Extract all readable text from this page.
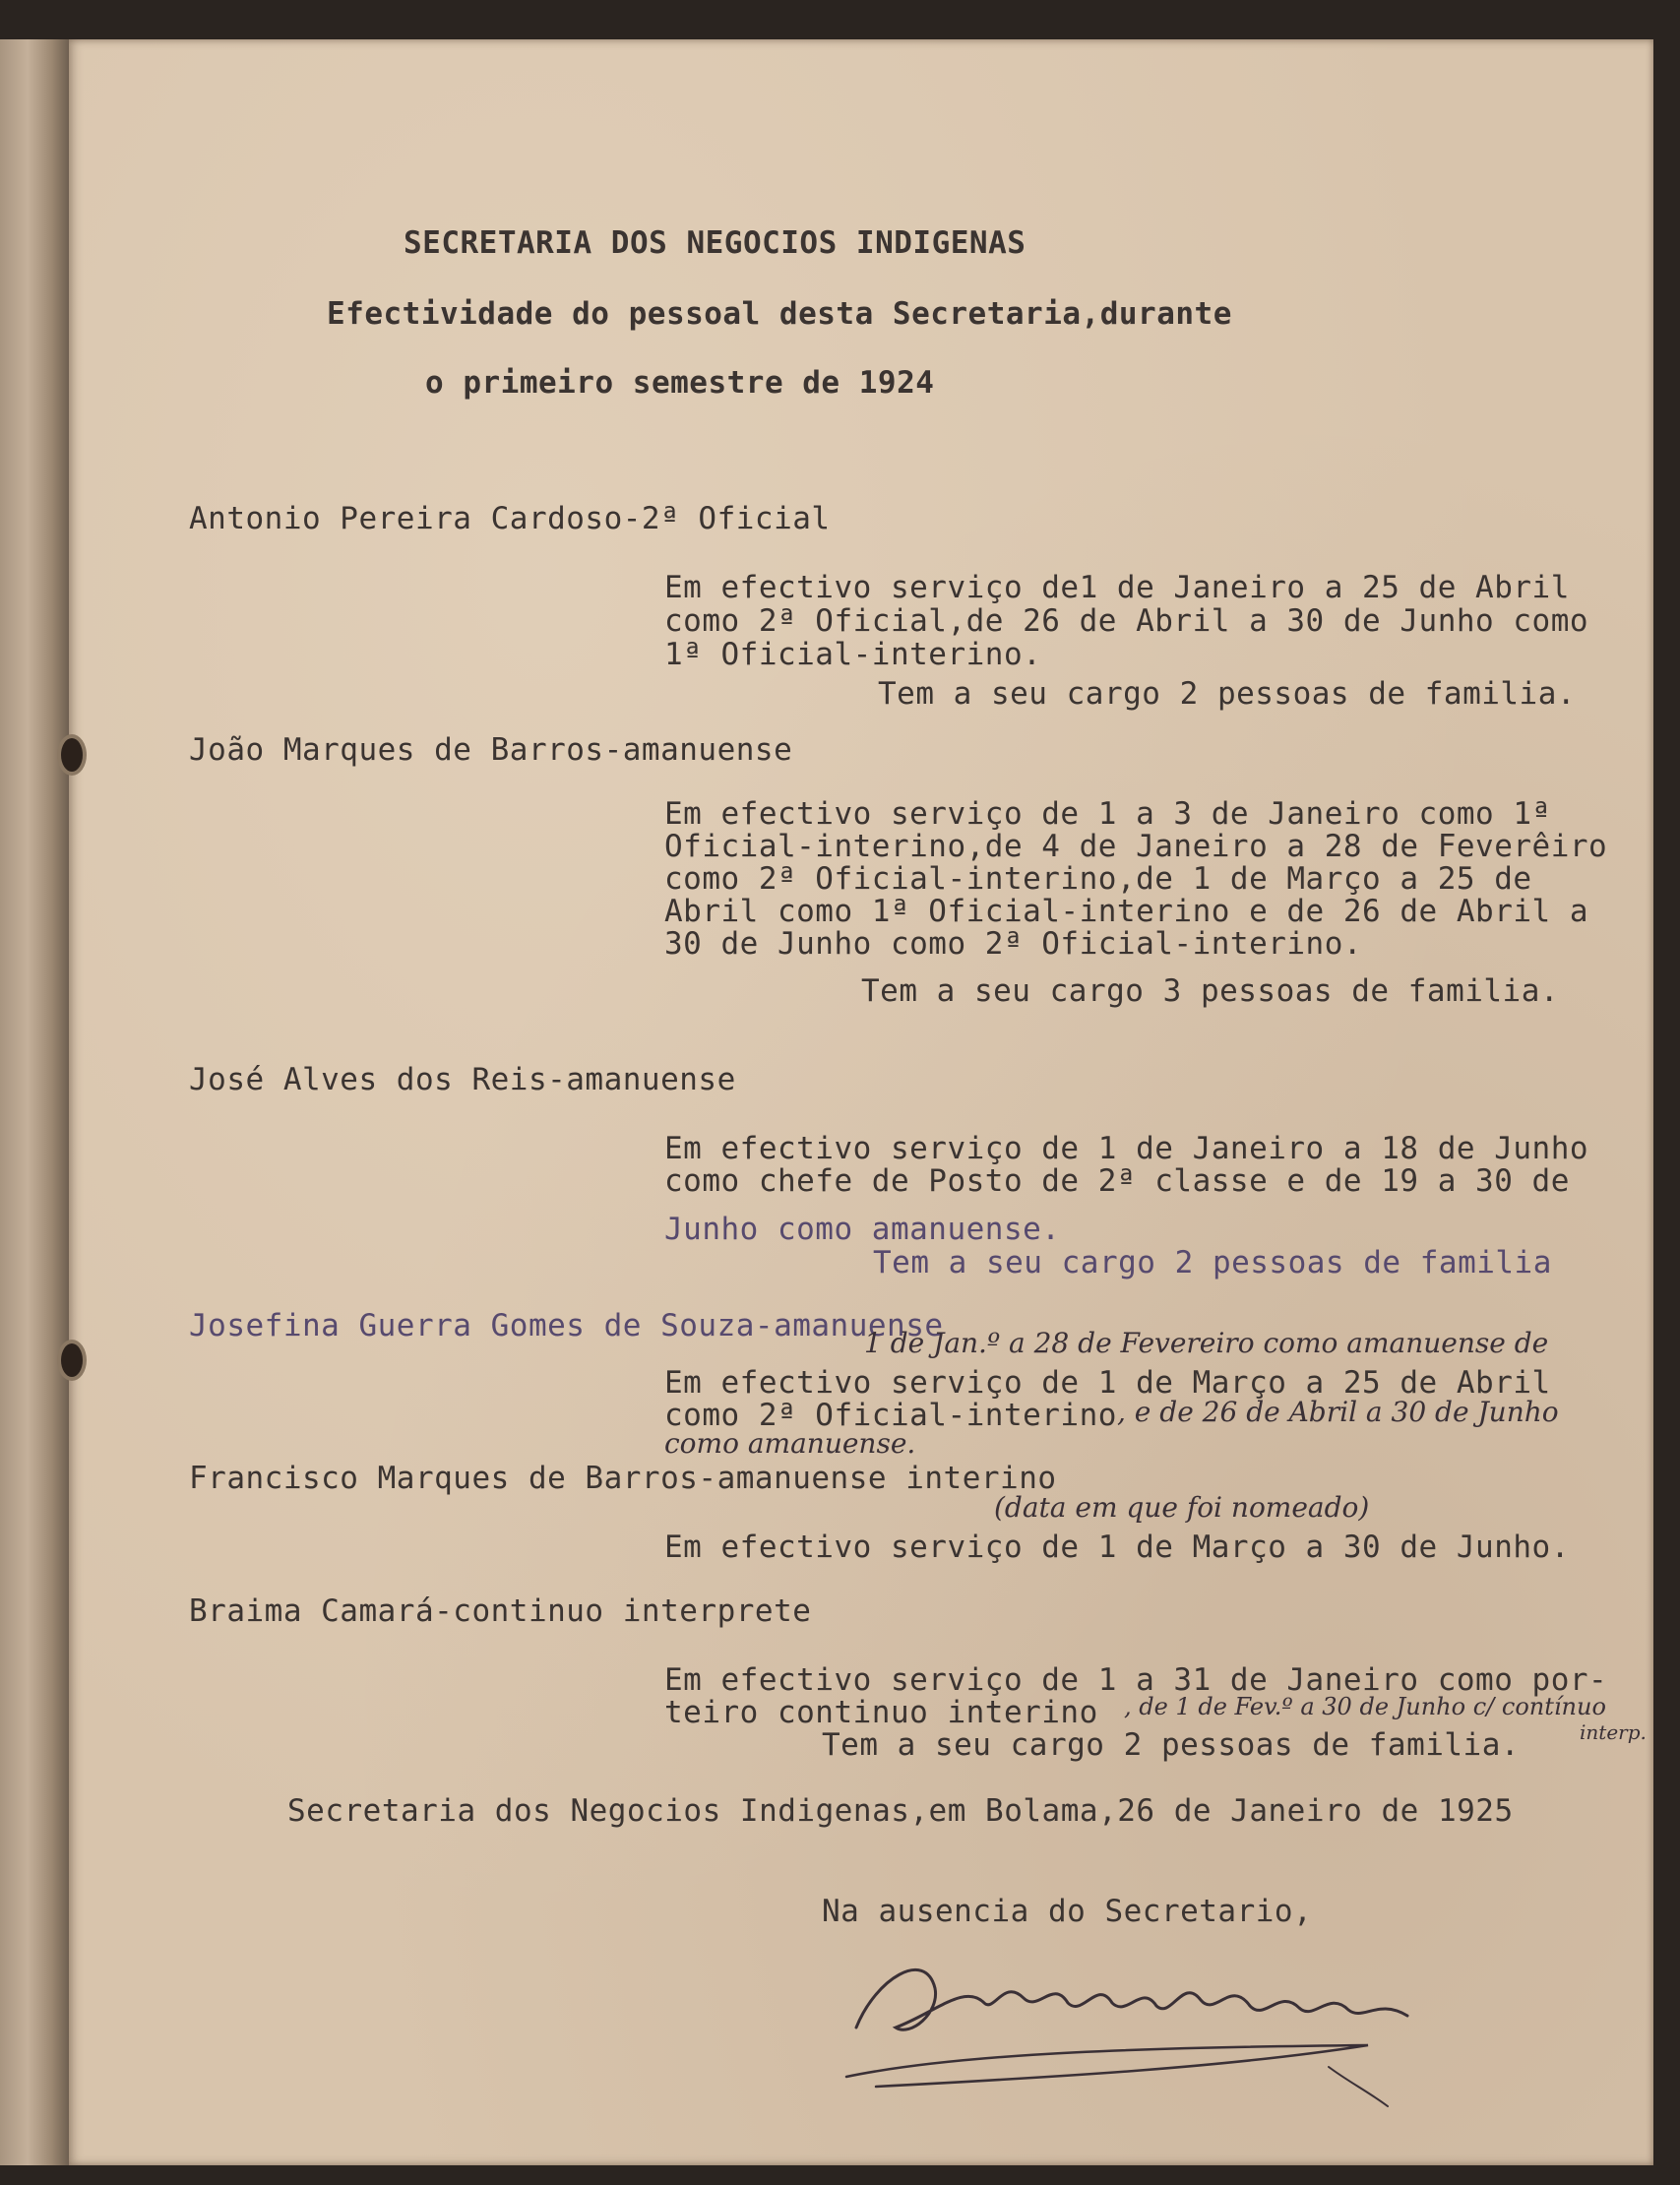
SECRETARIA DOS NEGOCIOS INDIGENAS
Efectividade do pessoal desta Secretaria,durante
o primeiro semestre de 1924
Antonio Pereira Cardoso-2ª Oficial
Em efectivo serviço de1 de Janeiro a 25 de Abril
como 2ª Oficial,de 26 de Abril a 30 de Junho como
1ª Oficial-interino.
Tem a seu cargo 2 pessoas de familia.
João Marques de Barros-amanuense
Em efectivo serviço de 1 a 3 de Janeiro como 1ª
Oficial-interino,de 4 de Janeiro a 28 de Feverêiro
como 2ª Oficial-interino,de 1 de Março a 25 de
Abril como 1ª Oficial-interino e de 26 de Abril a
30 de Junho como 2ª Oficial-interino.
Tem a seu cargo 3 pessoas de familia.
José Alves dos Reis-amanuense
Em efectivo serviço de 1 de Janeiro a 18 de Junho
como chefe de Posto de 2ª classe e de 19 a 30 de
Junho como amanuense.
Tem a seu cargo 2 pessoas de familia
Josefina Guerra Gomes de Souza-amanuense
1 de Jan.º a 28 de Fevereiro como amanuense de
Em efectivo serviço de 1 de Março a 25 de Abril
como 2ª Oficial-interino , e de 26 de Abril a 30 de Junho
como amanuense.
Francisco Marques de Barros-amanuense interino
(data em que foi nomeado)
Em efectivo serviço de 1 de Março a 30 de Junho.
Braima Camará-continuo interprete
Em efectivo serviço de 1 a 31 de Janeiro como por-
teiro continuo interino , de 1 de Fev.º a 30 de Junho c/ contínuo
interp.
Tem a seu cargo 2 pessoas de familia.
Secretaria dos Negocios Indigenas,em Bolama,26 de Janeiro de 1925
Na ausencia do Secretario,
